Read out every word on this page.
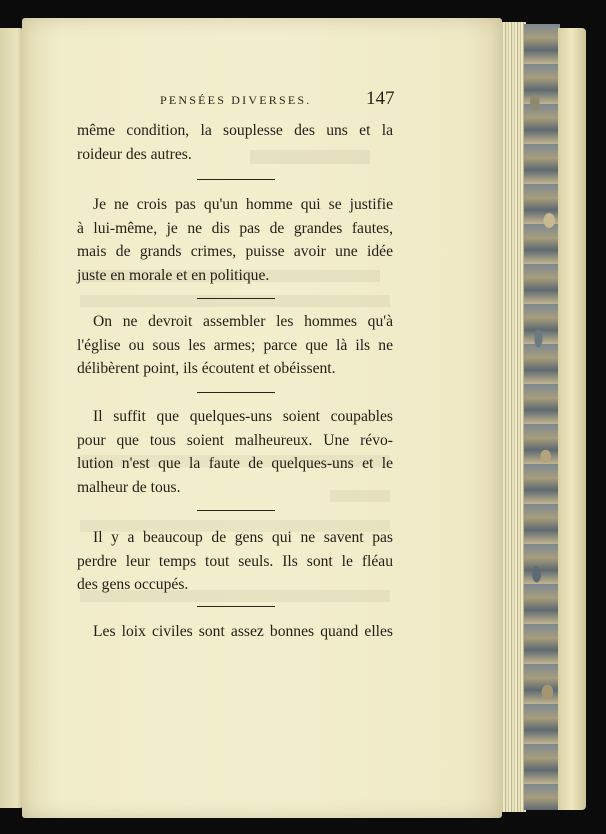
PENSÉES DIVERSES.	147
même condition, la souplesse des uns et la
roideur des autres.
Je ne crois pas qu'un homme qui se justifie
à lui-même, je ne dis pas de grandes fautes,
mais de grands crimes, puisse avoir une idée
juste en morale et en politique.
On ne devroit assembler les hommes qu'à
l'église ou sous les armes; parce que là ils ne
délibèrent point, ils écoutent et obéissent.
Il suffit que quelques-uns soient coupables
pour que tous soient malheureux. Une révo-
lution n'est que la faute de quelques-uns et le
malheur de tous.
Il y a beaucoup de gens qui ne savent pas
perdre leur temps tout seuls. Ils sont le fléau
des gens occupés.
Les loix civiles sont assez bonnes quand elles
